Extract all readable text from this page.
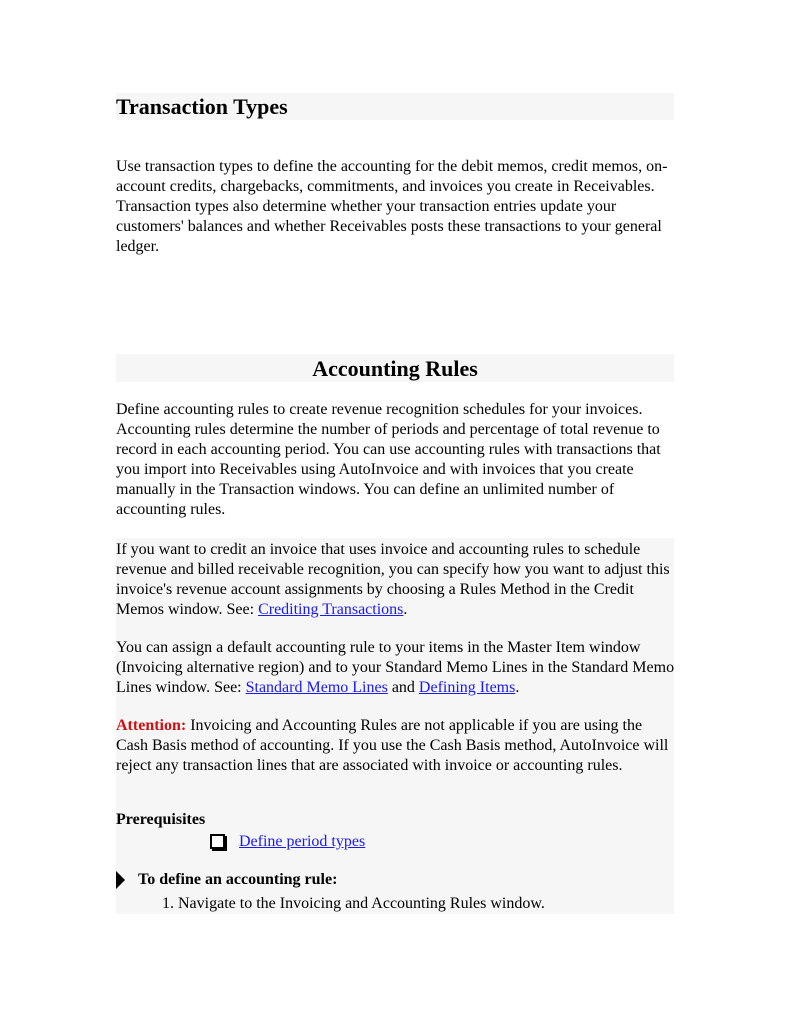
Transaction Types

Use transaction types to define the accounting for the debit memos, credit memos, on-account credits, chargebacks, commitments, and invoices you create in Receivables. Transaction types also determine whether your transaction entries update your customers' balances and whether Receivables posts these transactions to your general ledger.

Accounting Rules

Define accounting rules to create revenue recognition schedules for your invoices. Accounting rules determine the number of periods and percentage of total revenue to record in each accounting period. You can use accounting rules with transactions that you import into Receivables using AutoInvoice and with invoices that you create manually in the Transaction windows. You can define an unlimited number of accounting rules.

If you want to credit an invoice that uses invoice and accounting rules to schedule revenue and billed receivable recognition, you can specify how you want to adjust this invoice's revenue account assignments by choosing a Rules Method in the Credit Memos window. See: Crediting Transactions.

You can assign a default accounting rule to your items in the Master Item window (Invoicing alternative region) and to your Standard Memo Lines in the Standard Memo Lines window. See: Standard Memo Lines and Defining Items.

Attention: Invoicing and Accounting Rules are not applicable if you are using the Cash Basis method of accounting. If you use the Cash Basis method, AutoInvoice will reject any transaction lines that are associated with invoice or accounting rules.

Prerequisites
Define period types
To define an accounting rule:
1. Navigate to the Invoicing and Accounting Rules window.
